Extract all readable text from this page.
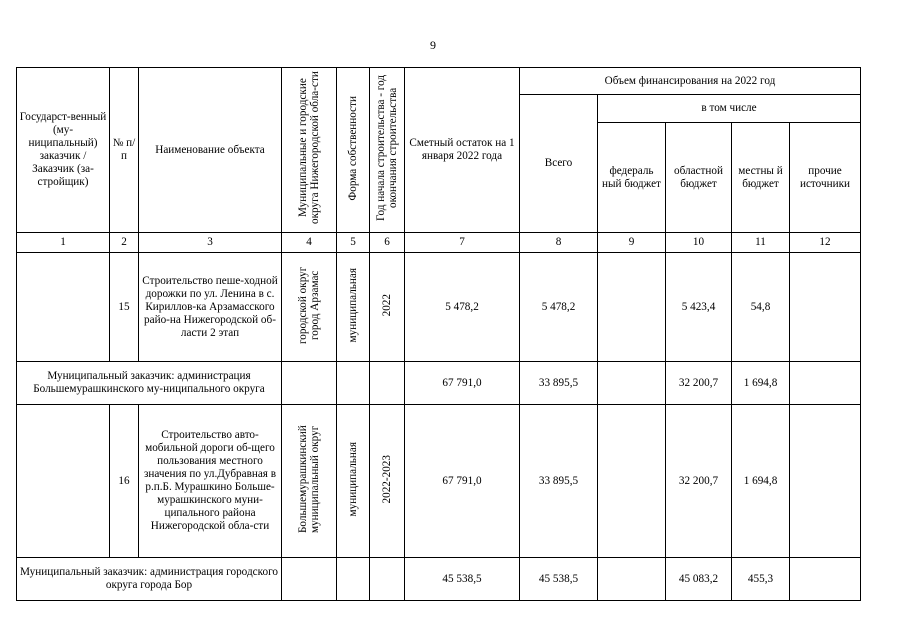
9
Государст-венный (му-ниципальный) заказчик / Заказчик (за-стройщик)	№ п/п	Наименование объекта	Муниципальные и городские округа Нижегородской обла-сти	Форма собственности	Год начала строительства - год окончания строительства	Сметный остаток на 1 января 2022 года	Объем финансирования на 2022 год				
							Всего	в том числе			
								федераль ный бюджет	областной бюджет	местны й бюджет	прочие источники
1	2	3	4	5	6	7	8	9	10	11	12
	15	Строительство пеше-ходной дорожки по ул. Ленина в с. Кириллов-ка Арзамасского райо-на Нижегородской об-ласти 2 этап	городской округ город Арзамас	муниципальная	2022	5 478,2	5 478,2		5 423,4	54,8	
Муниципальный заказчик: администрация Большемурашкинского му-ниципального округа						67 791,0	33 895,5		32 200,7	1 694,8	
	16	Строительство авто-мобильной дороги об-щего пользования местного значения по ул.Дубравная в р.п.Б. Мурашкино Больше-мурашкинского муни-ципального района Нижегородской обла-сти	Большемурашкинский муниципальный округ	муниципальная	2022-2023	67 791,0	33 895,5		32 200,7	1 694,8	
Муниципальный заказчик: администрация городского округа города Бор						45 538,5	45 538,5		45 083,2	455,3	
